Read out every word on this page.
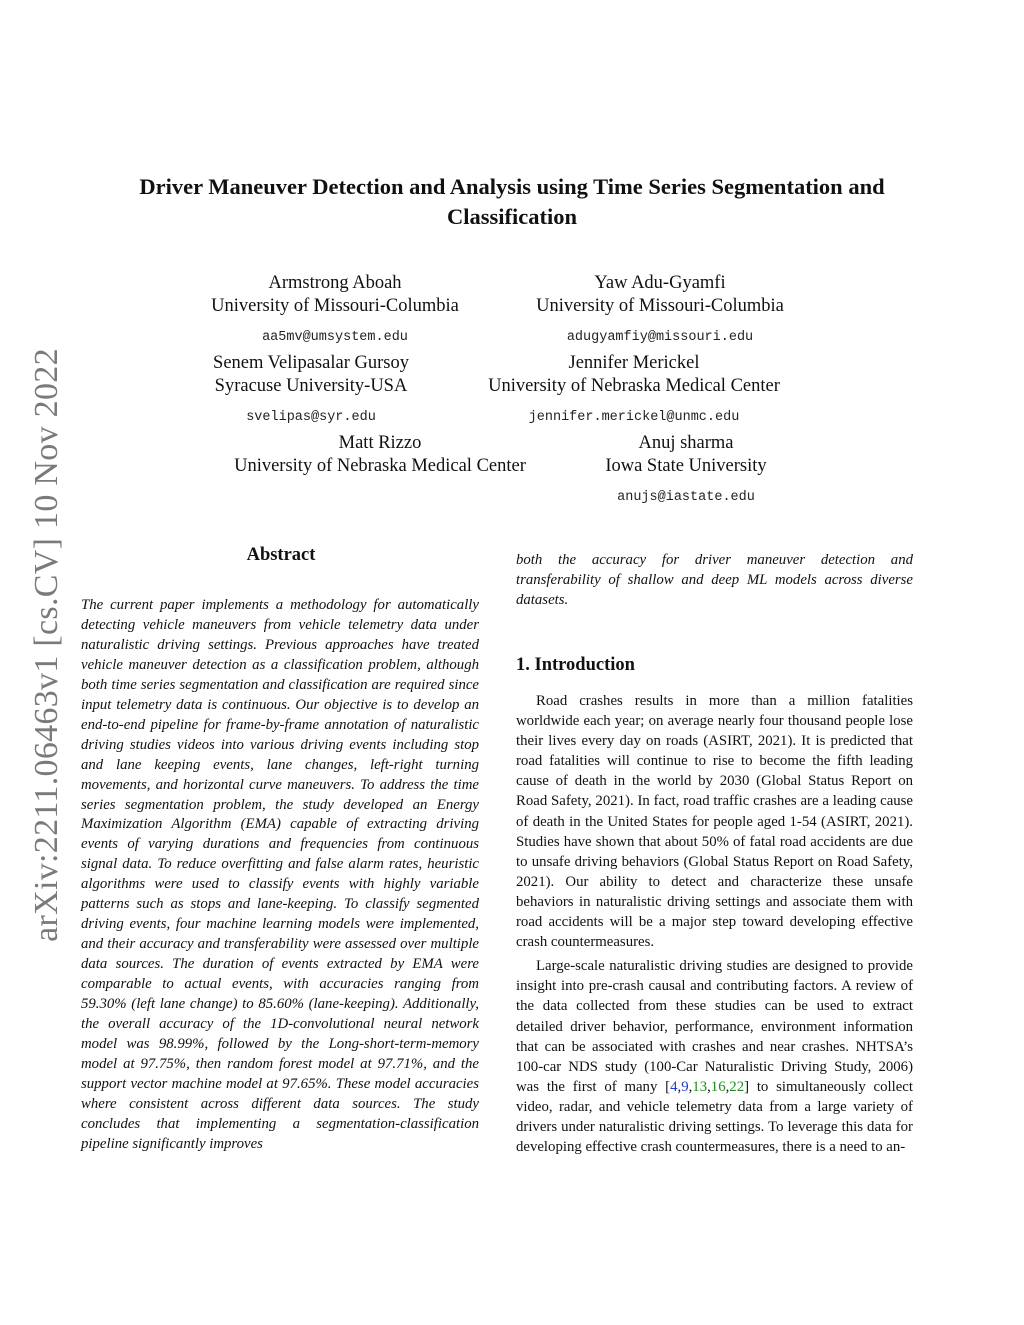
arXiv:2211.06463v1 [cs.CV] 10 Nov 2022
Driver Maneuver Detection and Analysis using Time Series Segmentation and Classification
Armstrong Aboah
University of Missouri-Columbia
aa5mv@umsystem.edu
Yaw Adu-Gyamfi
University of Missouri-Columbia
adugyamfiy@missouri.edu
Senem Velipasalar Gursoy
Syracuse University-USA
svelipas@syr.edu
Jennifer Merickel
University of Nebraska Medical Center
jennifer.merickel@unmc.edu
Matt Rizzo
University of Nebraska Medical Center
Anuj sharma
Iowa State University
anujs@iastate.edu
Abstract
The current paper implements a methodology for automatically detecting vehicle maneuvers from vehicle telemetry data under naturalistic driving settings. Previous approaches have treated vehicle maneuver detection as a classification problem, although both time series segmentation and classification are required since input telemetry data is continuous. Our objective is to develop an end-to-end pipeline for frame-by-frame annotation of naturalistic driving studies videos into various driving events including stop and lane keeping events, lane changes, left-right turning movements, and horizontal curve maneuvers. To address the time series segmentation problem, the study developed an Energy Maximization Algorithm (EMA) capable of extracting driving events of varying durations and frequencies from continuous signal data. To reduce overfitting and false alarm rates, heuristic algorithms were used to classify events with highly variable patterns such as stops and lane-keeping. To classify segmented driving events, four machine learning models were implemented, and their accuracy and transferability were assessed over multiple data sources. The duration of events extracted by EMA were comparable to actual events, with accuracies ranging from 59.30% (left lane change) to 85.60% (lane-keeping). Additionally, the overall accuracy of the 1D-convolutional neural network model was 98.99%, followed by the Long-short-term-memory model at 97.75%, then random forest model at 97.71%, and the support vector machine model at 97.65%. These model accuracies where consistent across different data sources. The study concludes that implementing a segmentation-classification pipeline significantly improves
both the accuracy for driver maneuver detection and transferability of shallow and deep ML models across diverse datasets.
1. Introduction

Road crashes results in more than a million fatalities worldwide each year; on average nearly four thousand people lose their lives every day on roads (ASIRT, 2021). It is predicted that road fatalities will continue to rise to become the fifth leading cause of death in the world by 2030 (Global Status Report on Road Safety, 2021). In fact, road traffic crashes are a leading cause of death in the United States for people aged 1-54 (ASIRT, 2021). Studies have shown that about 50% of fatal road accidents are due to unsafe driving behaviors (Global Status Report on Road Safety, 2021). Our ability to detect and characterize these unsafe behaviors in naturalistic driving settings and associate them with road accidents will be a major step toward developing effective crash countermeasures.

Large-scale naturalistic driving studies are designed to provide insight into pre-crash causal and contributing factors. A review of the data collected from these studies can be used to extract detailed driver behavior, performance, environment information that can be associated with crashes and near crashes. NHTSA’s 100-car NDS study (100-Car Naturalistic Driving Study, 2006) was the first of many [4,9,13,16,22] to simultaneously collect video, radar, and vehicle telemetry data from a large variety of drivers under naturalistic driving settings. To leverage this data for developing effective crash countermeasures, there is a need to an-
